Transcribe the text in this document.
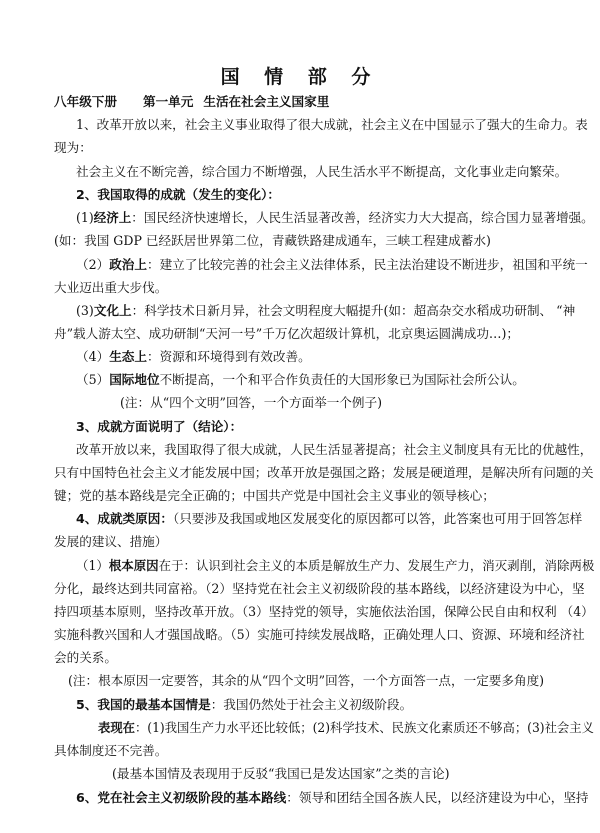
国 情 部 分
八年级下册 第一单元 生活在社会主义国家里
1、改革开放以来，社会主义事业取得了很大成就，社会主义在中国显示了强大的生命力。表
现为：
社会主义在不断完善，综合国力不断增强，人民生活水平不断提高，文化事业走向繁荣。
2、我国取得的成就（发生的变化）：
(1)经济上：国民经济快速增长，人民生活显著改善，经济实力大大提高，综合国力显著增强。
(如：我国 GDP 已经跃居世界第二位，青藏铁路建成通车，三峡工程建成蓄水)
（2）政治上：建立了比较完善的社会主义法律体系，民主法治建设不断进步，祖国和平统一
大业迈出重大步伐。
(3)文化上：科学技术日新月异，社会文明程度大幅提升(如：超高杂交水稻成功研制、 “神
舟”载人游太空、成功研制“天河一号”千万亿次超级计算机，北京奥运圆满成功…)；
（4）生态上：资源和环境得到有效改善。
（5）国际地位不断提高，一个和平合作负责任的大国形象已为国际社会所公认。
(注：从“四个文明”回答，一个方面举一个例子)
3、成就方面说明了（结论）：
改革开放以来，我国取得了很大成就，人民生活显著提高；社会主义制度具有无比的优越性，
只有中国特色社会主义才能发展中国；改革开放是强国之路；发展是硬道理，是解决所有问题的关
键；党的基本路线是完全正确的；中国共产党是中国社会主义事业的领导核心；
4、成就类原因：（只要涉及我国或地区发展变化的原因都可以答，此答案也可用于回答怎样
发展的建议、措施）
（1）根本原因在于：认识到社会主义的本质是解放生产力、发展生产力，消灭剥削，消除两极
分化，最终达到共同富裕。（2）坚持党在社会主义初级阶段的基本路线，以经济建设为中心，坚
持四项基本原则，坚持改革开放。（3）坚持党的领导，实施依法治国，保障公民自由和权利 （4）
实施科教兴国和人才强国战略。（5）实施可持续发展战略，正确处理人口、资源、环境和经济社
会的关系。
(注：根本原因一定要答，其余的从“四个文明”回答，一个方面答一点，一定要多角度)
5、我国的最基本国情是：我国仍然处于社会主义初级阶段。
表现在：(1)我国生产力水平还比较低；(2)科学技术、民族文化素质还不够高；(3)社会主义
具体制度还不完善。
(最基本国情及表现用于反驳“我国已是发达国家”之类的言论)
6、党在社会主义初级阶段的基本路线：领导和团结全国各族人民，以经济建设为中心，坚持
